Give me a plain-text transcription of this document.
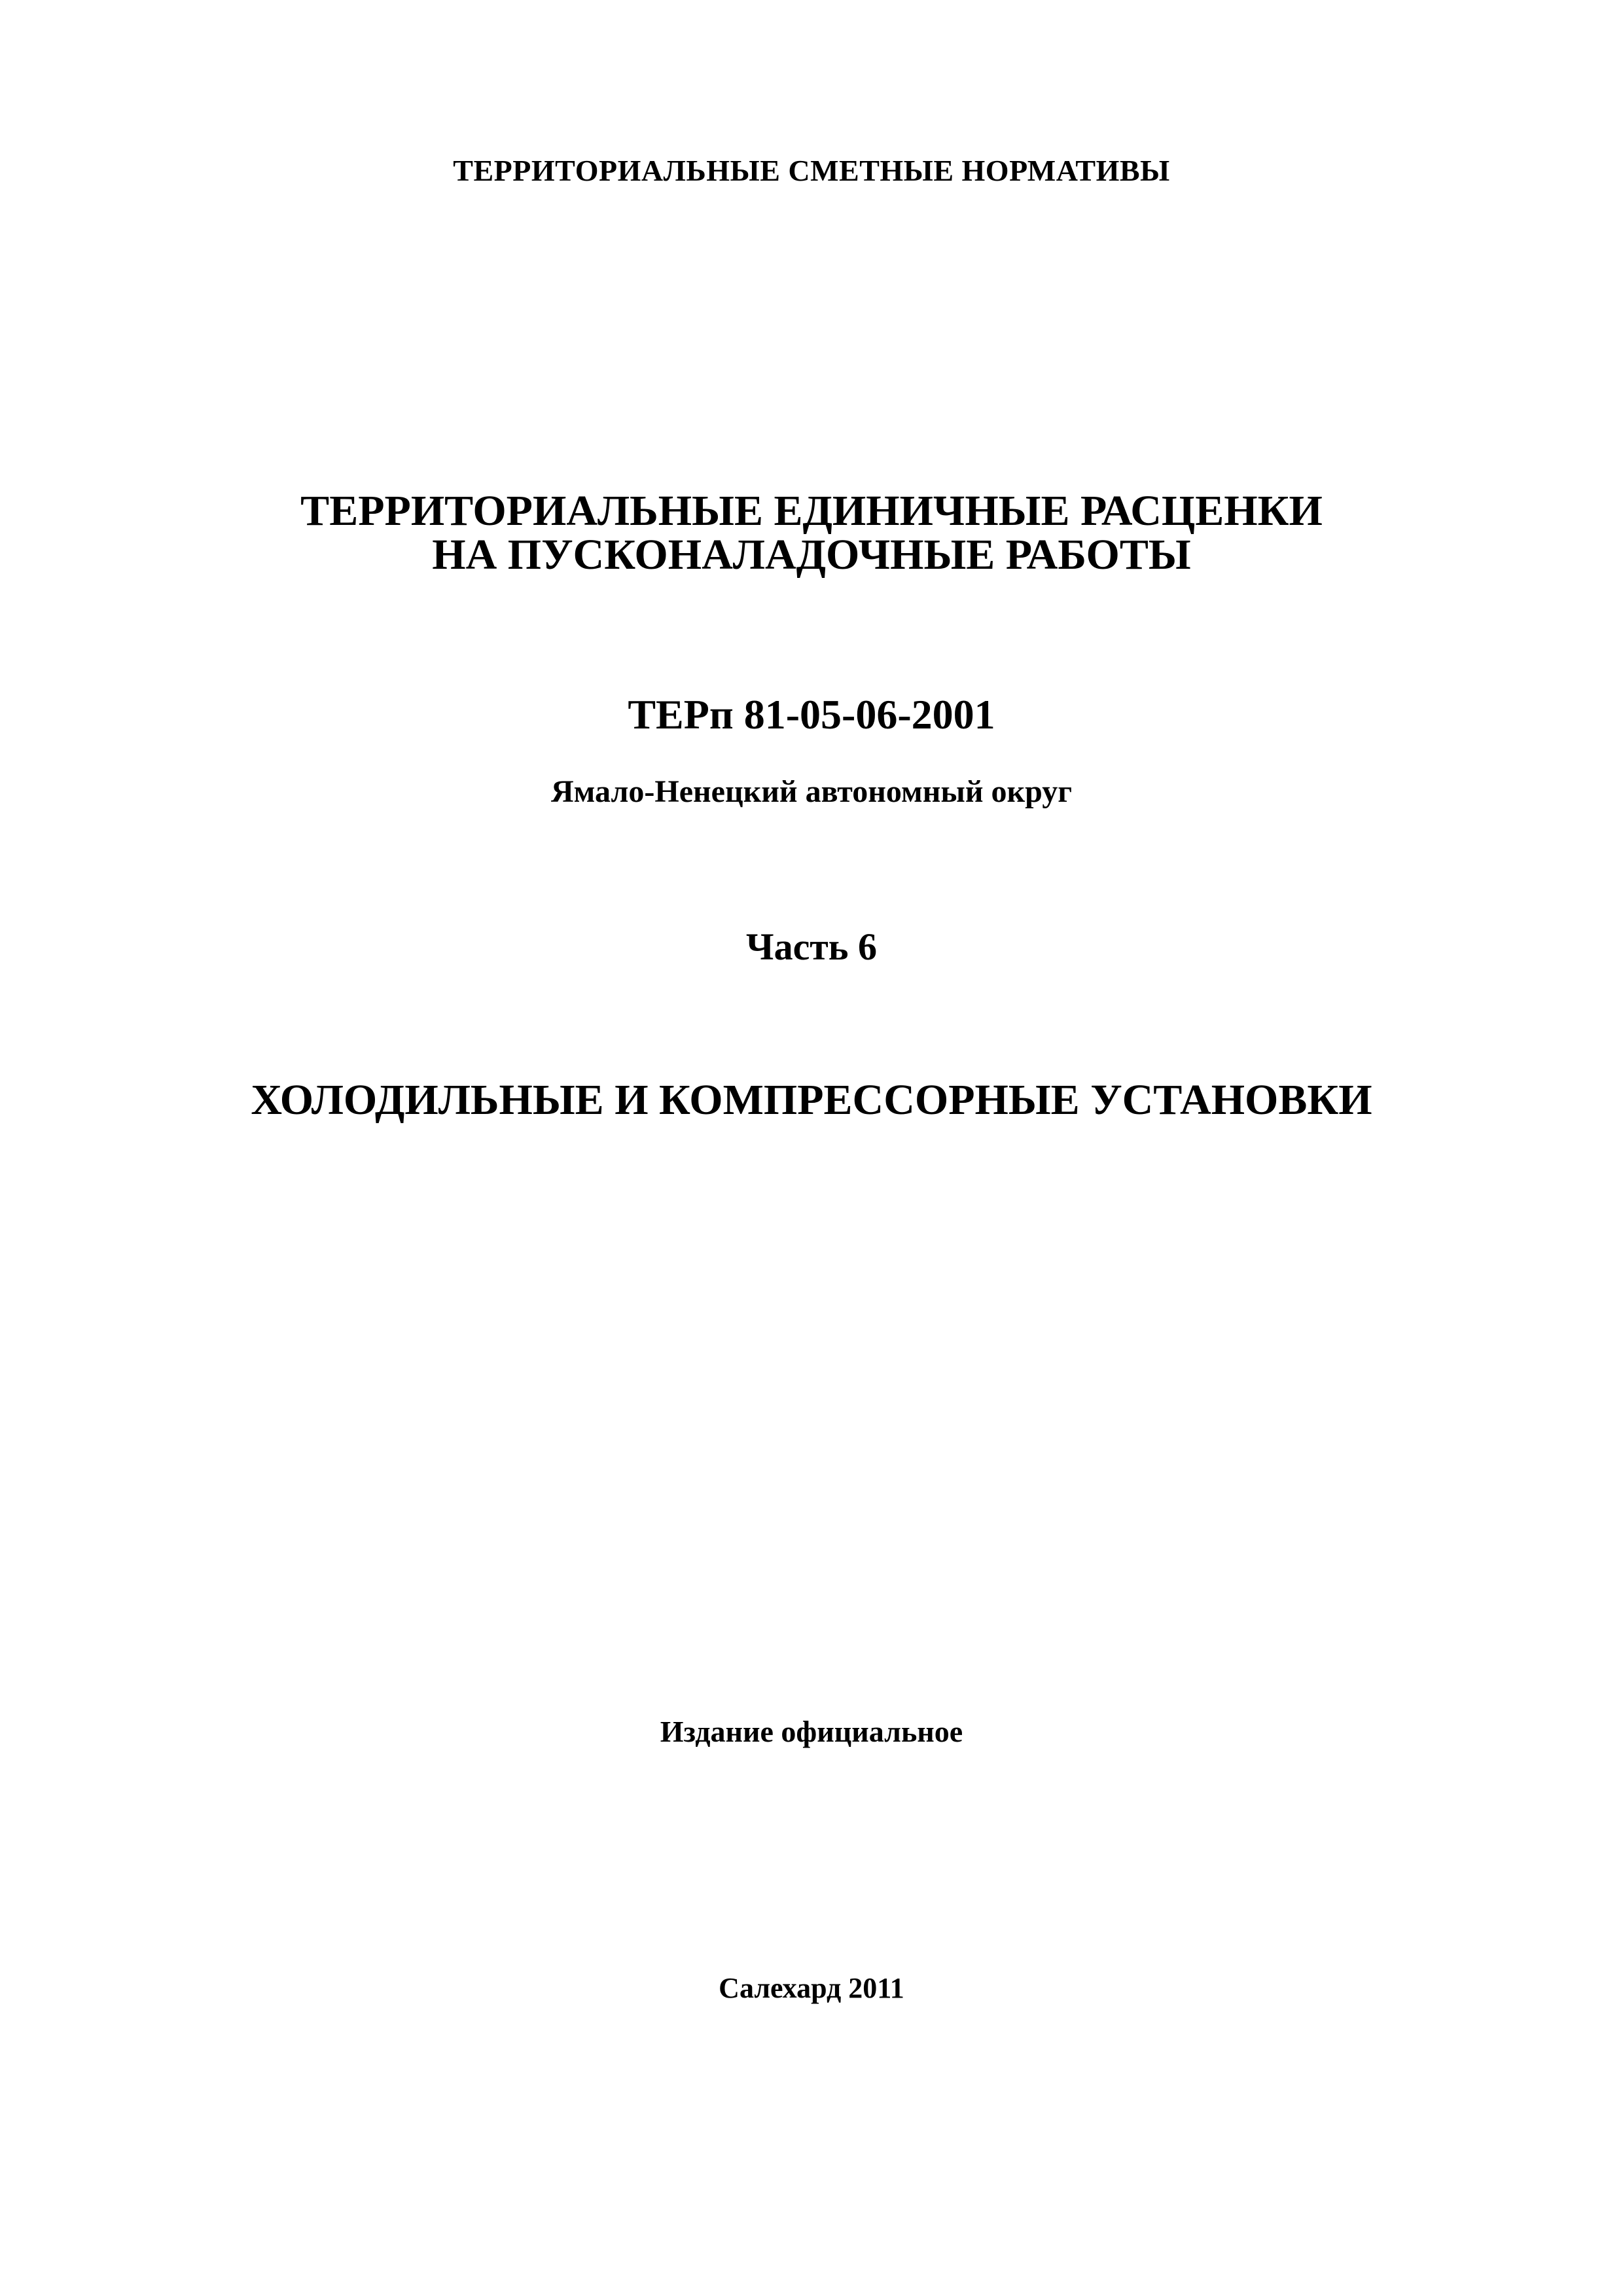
ТЕРРИТОРИАЛЬНЫЕ СМЕТНЫЕ НОРМАТИВЫ
ТЕРРИТОРИАЛЬНЫЕ ЕДИНИЧНЫЕ РАСЦЕНКИ
НА ПУСКОНАЛАДОЧНЫЕ РАБОТЫ
ТЕРп 81-05-06-2001

Ямало-Ненецкий автономный округ

Часть 6
ХОЛОДИЛЬНЫЕ И КОМПРЕССОРНЫЕ УСТАНОВКИ

Издание официальное

Салехард 2011
